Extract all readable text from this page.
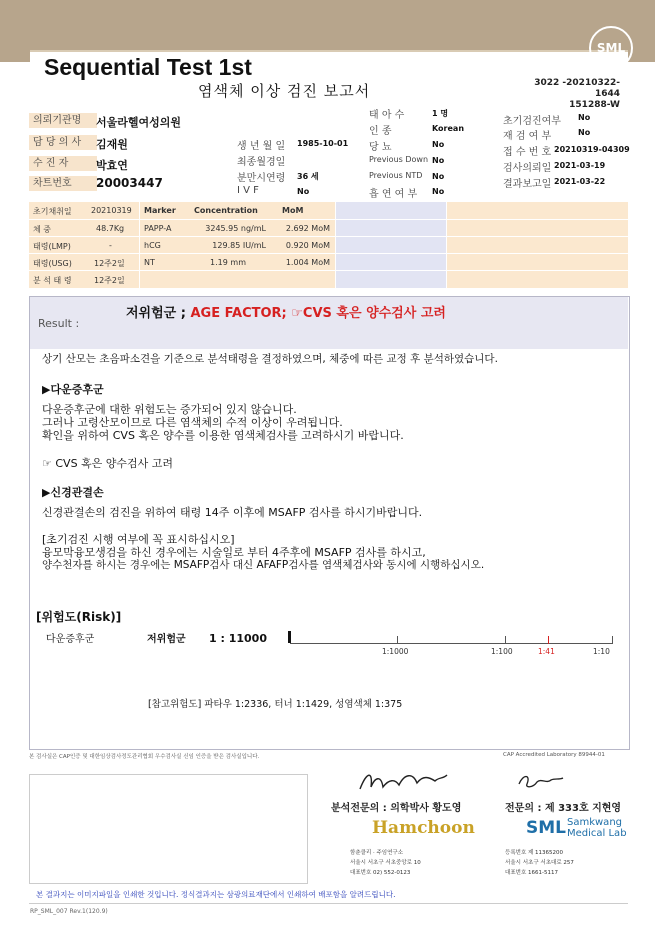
SML
Sequential Test 1st
염색체 이상 검진 보고서	3022 -20210322-1644
151288-W
의뢰기관명	서울라헬여성의원
담 당 의 사	김재원
수 진 자	박효연
차트번호	20003447
생 년 월 일 1985-10-01
최종월경일
분만시연령 36 세
I V F	No
태 아 수	1 명
인 종	Korean
당 뇨	No
Previous Down No
Previous NTD No
흡 연 여 부 No
초기검진여부 No
재 검 여 부	No
접 수 번 호 20210319-04309
검사의뢰일 2021-03-19
결과보고일 2021-03-22
초기채취일 20210319
체 중	48.7Kg
태령(LMP)	-
태령(USG)	12주2일
분 석 태 령	12주2일
Marker Concentration	MoM
PAPP-A	3245.95 ng/mL	2.692 MoM
hCG	129.85 IU/mL	0.920 MoM
NT	1.19 mm	1.004 MoM
Result :
저위험군 ; AGE FACTOR; ☞CVS 혹은 양수검사 고려
상기 산모는 초음파소견을 기준으로 분석태령을 결정하였으며, 체중에 따른 교정 후 분석하였습니다.
▶다운증후군
다운증후군에 대한 위험도는 증가되어 있지 않습니다.
그러나 고령산모이므로 다른 염색체의 수적 이상이 우려됩니다.
확인을 위하여 CVS 혹은 양수를 이용한 염색체검사를 고려하시기 바랍니다.
☞ CVS 혹은 양수검사 고려
▶신경관결손
신경관결손의 검진을 위하여 태령 14주 이후에 MSAFP 검사를 하시기바랍니다.
[초기검진 시행 여부에 꼭 표시하십시오]
융모막융모생검을 하신 경우에는 시술일로 부터 4주후에 MSAFP 검사를 하시고,
양수천자를 하시는 경우에는 MSAFP검사 대신 AFAFP검사를 염색체검사와 동시에 시행하십시오.
[위험도(Risk)]
다운증후군	저위험군 1 : 11000
1:1000	1:100	1:41	1:10
[참고위험도] 파타우 1:2336, 터너 1:1429, 성염색체 1:375
본 검사실은 CAP인증 및 대한임상검사정도관리협회 우수검사실 신임 인증을 받은 검사실입니다.	CAP Accredited Laboratory 89944-01
분석전문의 : 의학박사 황도영	전문의 : 제 333호 지현영
Hamchoon
함춘클리 · 주임연구소
서울시 서초구 서초중앙로 10
대표번호 02) 552-0123
SML Samkwang
Medical Lab
등록번호 제 11365200
서울시 서초구 서초대로 257
대표번호 1661-5117
본 결과지는 이미지파일을 인쇄한 것입니다. 정식결과지는 삼광의료재단에서 인쇄하여 배포함을 알려드립니다.
RP_SML_007 Rev.1(120.9)
